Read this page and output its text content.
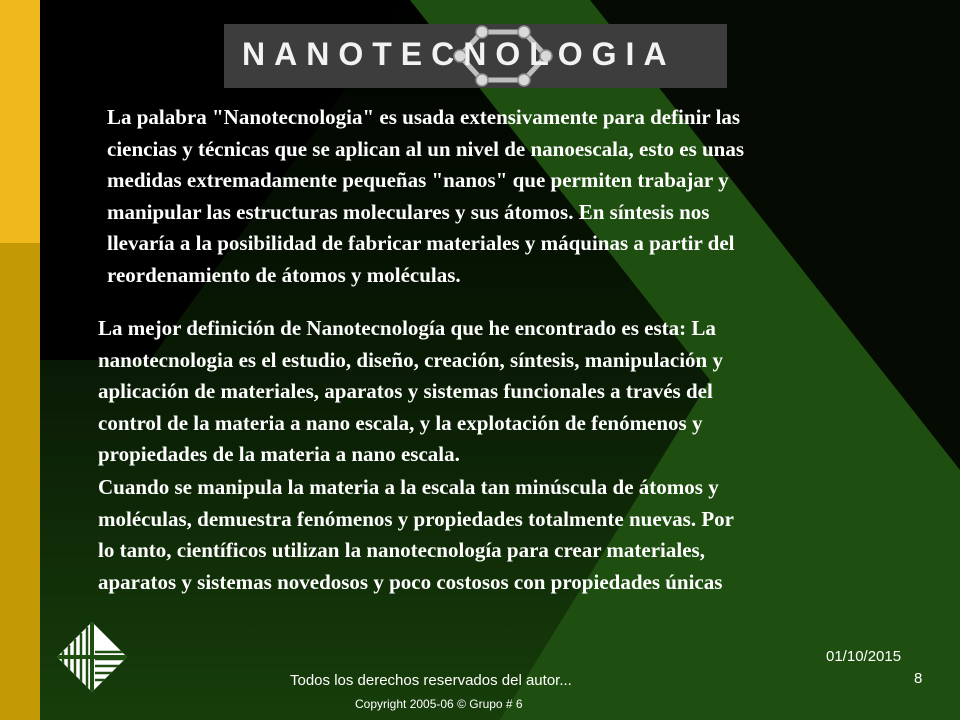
NANOTECNOLOGIA
La palabra "Nanotecnologia" es usada extensivamente para definir las
ciencias y técnicas que se aplican al un nivel de nanoescala, esto es unas
medidas extremadamente pequeñas "nanos" que permiten trabajar y
manipular las estructuras moleculares y sus átomos. En síntesis nos
llevaría a la posibilidad de fabricar materiales y máquinas a partir del
reordenamiento de átomos y moléculas.
La mejor definición de Nanotecnología que he encontrado es esta: La
nanotecnologia es el estudio, diseño, creación, síntesis, manipulación y
aplicación de materiales, aparatos y sistemas funcionales a través del
control de la materia a nano escala, y la explotación de fenómenos y
propiedades de la materia a nano escala.
Cuando se manipula la materia a la escala tan minúscula de átomos y
moléculas, demuestra fenómenos y propiedades totalmente nuevas. Por
lo tanto, científicos utilizan la nanotecnología para crear materiales,
aparatos y sistemas novedosos y poco costosos con propiedades únicas
Todos los derechos reservados del autor...
Copyright 2005-06 © Grupo # 6
01/10/2015
8
